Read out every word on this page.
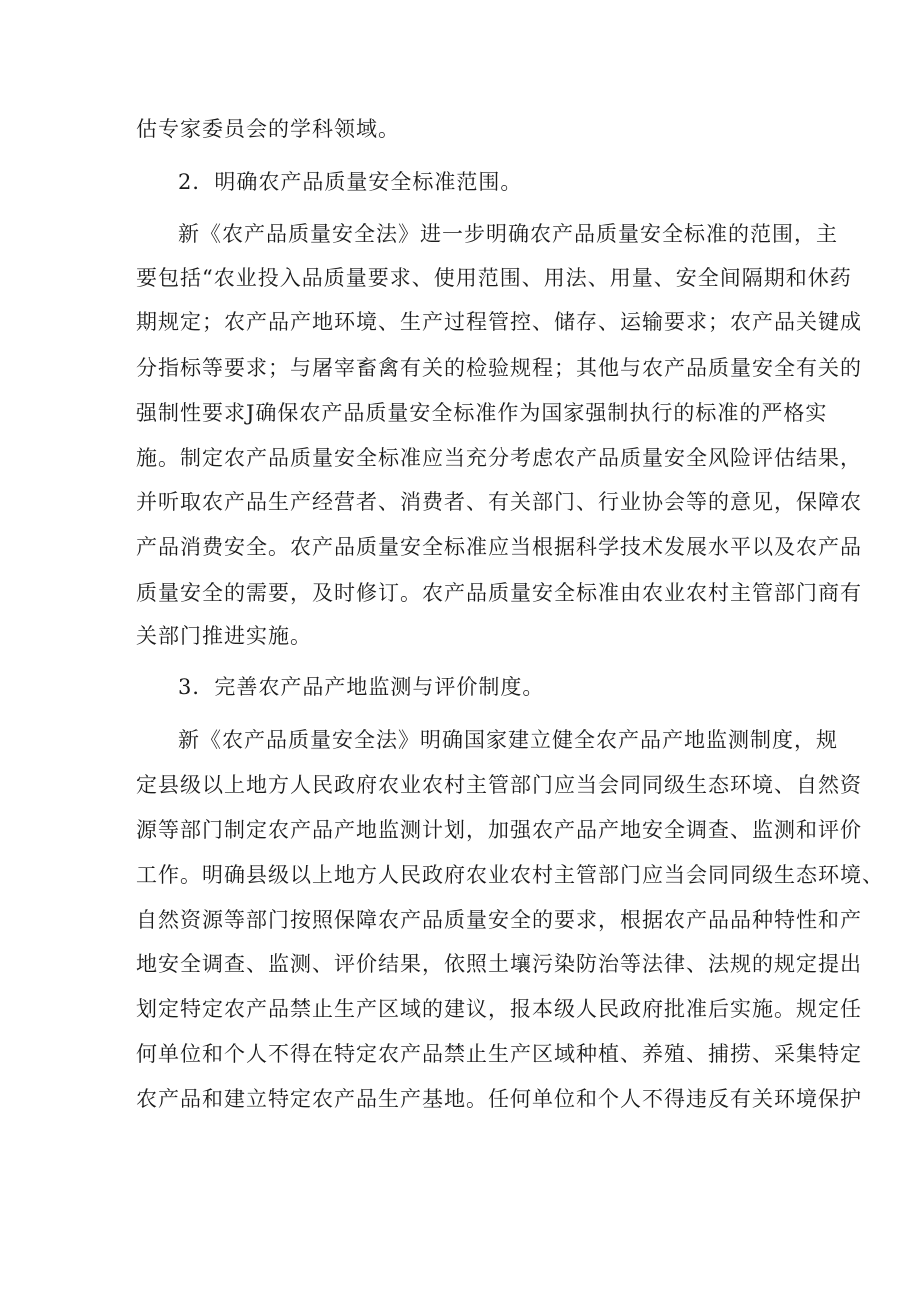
估专家委员会的学科领域。
2．明确农产品质量安全标准范围。
新《农产品质量安全法》进一步明确农产品质量安全标准的范围，主
要包括“农业投入品质量要求、使用范围、用法、用量、安全间隔期和休药
期规定；农产品产地环境、生产过程管控、储存、运输要求；农产品关键成
分指标等要求；与屠宰畜禽有关的检验规程；其他与农产品质量安全有关的
强制性要求J确保农产品质量安全标准作为国家强制执行的标准的严格实
施。制定农产品质量安全标准应当充分考虑农产品质量安全风险评估结果，
并听取农产品生产经营者、消费者、有关部门、行业协会等的意见，保障农
产品消费安全。农产品质量安全标准应当根据科学技术发展水平以及农产品
质量安全的需要，及时修订。农产品质量安全标准由农业农村主管部门商有
关部门推进实施。
3．完善农产品产地监测与评价制度。
新《农产品质量安全法》明确国家建立健全农产品产地监测制度，规
定县级以上地方人民政府农业农村主管部门应当会同同级生态环境、自然资
源等部门制定农产品产地监测计划，加强农产品产地安全调查、监测和评价
工作。明确县级以上地方人民政府农业农村主管部门应当会同同级生态环境、
自然资源等部门按照保障农产品质量安全的要求，根据农产品品种特性和产
地安全调查、监测、评价结果，依照土壤污染防治等法律、法规的规定提出
划定特定农产品禁止生产区域的建议，报本级人民政府批准后实施。规定任
何单位和个人不得在特定农产品禁止生产区域种植、养殖、捕捞、采集特定
农产品和建立特定农产品生产基地。任何单位和个人不得违反有关环境保护
